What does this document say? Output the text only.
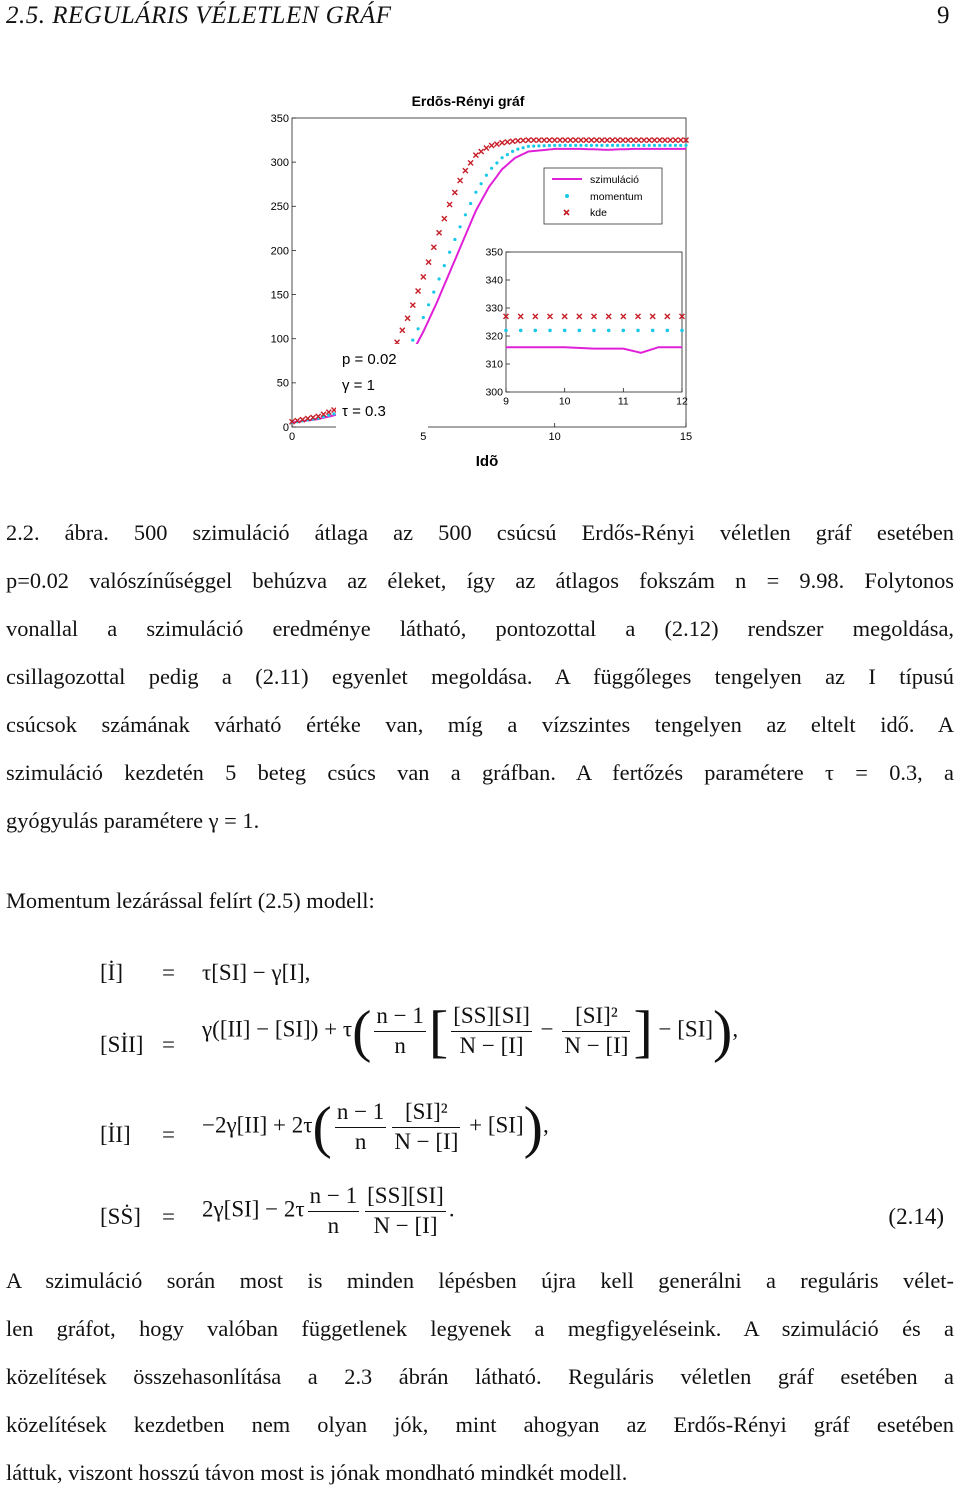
2.5. REGULÁRIS VÉLETLEN GRÁF	9
Erdõs-Rényi gráf
0	5	10	15
0
50
100
150
200
250
300
350
szimuláció
momentum
kde
p = 0.02
γ = 1
τ = 0.3
9	10	11	12
300
310
320
330
340
350
Idõ
2.2. ábra. 500 szimuláció átlaga az 500 csúcsú Erdős-Rényi véletlen gráf esetében
p=0.02 valószínűséggel behúzva az éleket, így az átlagos fokszám n = 9.98. Folytonos
vonallal a szimuláció eredménye látható, pontozottal a (2.12) rendszer megoldása,
csillagozottal pedig a (2.11) egyenlet megoldása. A függőleges tengelyen az I típusú
csúcsok számának várható értéke van, míg a vízszintes tengelyen az eltelt idő. A
szimuláció kezdetén 5 beteg csúcs van a gráfban. A fertőzés paramétere τ = 0.3, a
gyógyulás paramétere γ = 1.
Momentum lezárással felírt (2.5) modell:
[İ] = τ[SI] − γ[I],
[SİI] =
$\gamma([II] - [SI]) + \tau( \frac{n - 1}{n}$ [ $\frac{[SS][SI]}{N - [I]} - \frac{\text{[SI]²}}{N - [I]}$ ] − [SI]),
[İI] = $-2\gamma[II] + 2\tau( \frac{n - 1}{n} \frac{\text{[SI]²}}{N - [I]} + [SI])$,
[SṠ] = $2\gamma[SI] - 2\tau \frac{n - 1}{n} \frac{[SS][SI]}{N - [I]}$ .	(2.14)
A szimuláció során most is minden lépésben újra kell generálni a reguláris vélet-
len gráfot, hogy valóban függetlenek legyenek a megfigyeléseink. A szimuláció és a
közelítések összehasonlítása a 2.3 ábrán látható. Reguláris véletlen gráf esetében a
közelítések kezdetben nem olyan jók, mint ahogyan az Erdős-Rényi gráf esetében
láttuk, viszont hosszú távon most is jónak mondható mindkét modell.
